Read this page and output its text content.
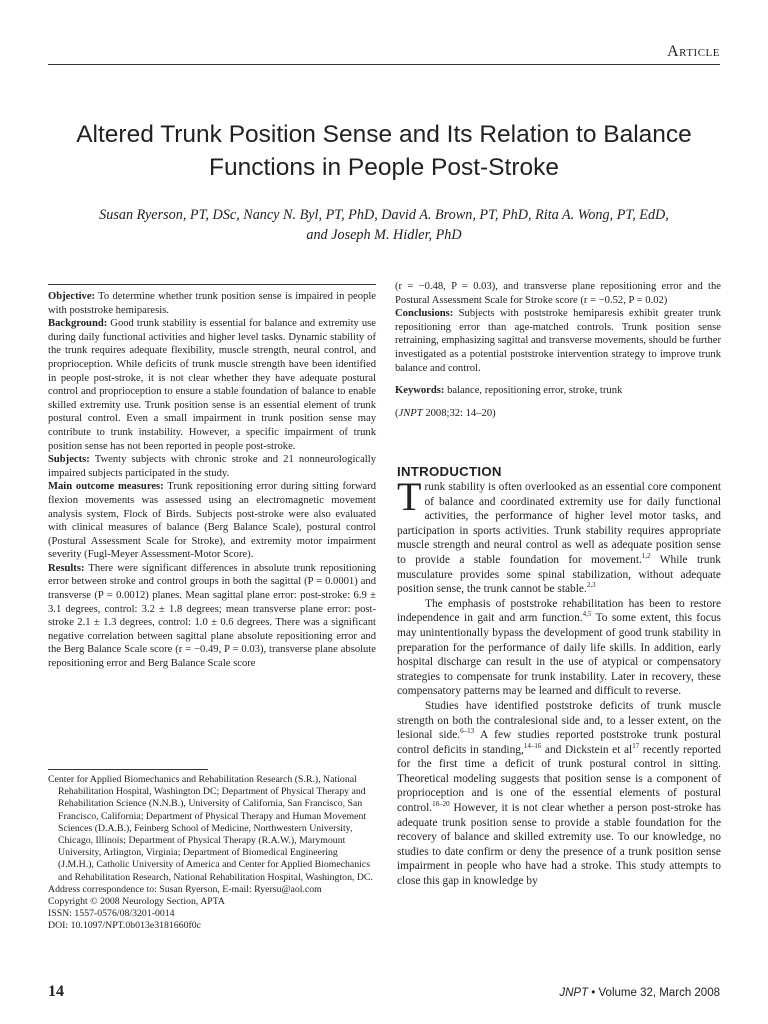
Article
Altered Trunk Position Sense and Its Relation to Balance
Functions in People Post-Stroke
Susan Ryerson, PT, DSc, Nancy N. Byl, PT, PhD, David A. Brown, PT, PhD, Rita A. Wong, PT, EdD,
and Joseph M. Hidler, PhD

Objective: To determine whether trunk position sense is impaired in people with poststroke hemiparesis.

Background: Good trunk stability is essential for balance and extremity use during daily functional activities and higher level tasks. Dynamic stability of the trunk requires adequate flexibility, muscle strength, neural control, and proprioception. While deficits of trunk muscle strength have been identified in people post-stroke, it is not clear whether they have adequate postural control and proprioception to ensure a stable foundation of balance to enable skilled extremity use. Trunk position sense is an essential element of trunk postural control. Even a small impairment in trunk position sense may contribute to trunk instability. However, a specific impairment of trunk position sense has not been reported in people post-stroke.

Subjects: Twenty subjects with chronic stroke and 21 nonneurologically impaired subjects participated in the study.

Main outcome measures: Trunk repositioning error during sitting forward flexion movements was assessed using an electromagnetic movement analysis system, Flock of Birds. Subjects post-stroke were also evaluated with clinical measures of balance (Berg Balance Scale), postural control (Postural Assessment Scale for Stroke), and extremity motor impairment severity (Fugl-Meyer Assessment-Motor Score).

Results: There were significant differences in absolute trunk repositioning error between stroke and control groups in both the sagittal (P = 0.0001) and transverse (P = 0.0012) planes. Mean sagittal plane error: post-stroke: 6.9 ± 3.1 degrees, control: 3.2 ± 1.8 degrees; mean transverse plane error: post-stroke 2.1 ± 1.3 degrees, control: 1.0 ± 0.6 degrees. There was a significant negative correlation between sagittal plane absolute repositioning error and the Berg Balance Scale score (r = −0.49, P = 0.03), transverse plane absolute repositioning error and Berg Balance Scale score

(r = −0.48, P = 0.03), and transverse plane repositioning error and the Postural Assessment Scale for Stroke score (r = −0.52, P = 0.02)

Conclusions: Subjects with poststroke hemiparesis exhibit greater trunk repositioning error than age-matched controls. Trunk position sense retraining, emphasizing sagittal and transverse movements, should be further investigated as a potential poststroke intervention strategy to improve trunk balance and control.

Keywords: balance, repositioning error, stroke, trunk

(JNPT 2008;32: 14–20)

INTRODUCTION

Trunk stability is often overlooked as an essential core component of balance and coordinated extremity use for daily functional activities, the performance of higher level motor tasks, and participation in sports activities. Trunk stability requires appropriate muscle strength and neural control as well as adequate position sense to provide a stable foundation for movement.$^{1,2}$ While trunk musculature provides some spinal stabilization, without adequate position sense, the trunk cannot be stable.$^{2,3}$

The emphasis of poststroke rehabilitation has been to restore independence in gait and arm function.$^{4,5}$ To some extent, this focus may unintentionally bypass the development of good trunk stability in preparation for the performance of daily life skills. In addition, early hospital discharge can result in the use of atypical or compensatory strategies to compensate for trunk instability. Later in recovery, these compensatory patterns may be learned and difficult to reverse.

Studies have identified poststroke deficits of trunk muscle strength on both the contralesional side and, to a lesser extent, on the lesional side.$^{6-13}$ A few studies reported poststroke trunk postural control deficits in standing,$^{14-16}$ and Dickstein et $al^{17}$ recently reported for the first time a deficit of trunk postural control in sitting. Theoretical modeling suggests that position sense is a component of proprioception and is one of the essential elements of postural control.$^{18-20}$ However, it is not clear whether a person post-stroke has adequate trunk position sense to provide a stable foundation for the recovery of balance and skilled extremity use. To our knowledge, no studies to date confirm or deny the presence of a trunk position sense impairment in people who have had a stroke. This study attempts to close this gap in knowledge by

Center for Applied Biomechanics and Rehabilitation Research (S.R.), National Rehabilitation Hospital, Washington DC; Department of Physical Therapy and Rehabilitation Science (N.N.B.), University of California, San Francisco, San Francisco, California; Department of Physical Therapy and Human Movement Sciences (D.A.B.), Feinberg School of Medicine, Northwestern University, Chicago, Illinois; Department of Physical Therapy (R.A.W.), Marymount University, Arlington, Virginia; Department of Biomedical Engineering (J.M.H.), Catholic University of America and Center for Applied Biomechanics and Rehabilitation Research, National Rehabilitation Hospital, Washington, DC.

Address correspondence to: Susan Ryerson, E-mail: Ryersu@aol.com

Copyright © 2008 Neurology Section, APTA

ISSN: 1557-0576/08/3201-0014

DOI: 10.1097/NPT.0b013e3181660f0c

14	JNPT • Volume 32, March 2008
